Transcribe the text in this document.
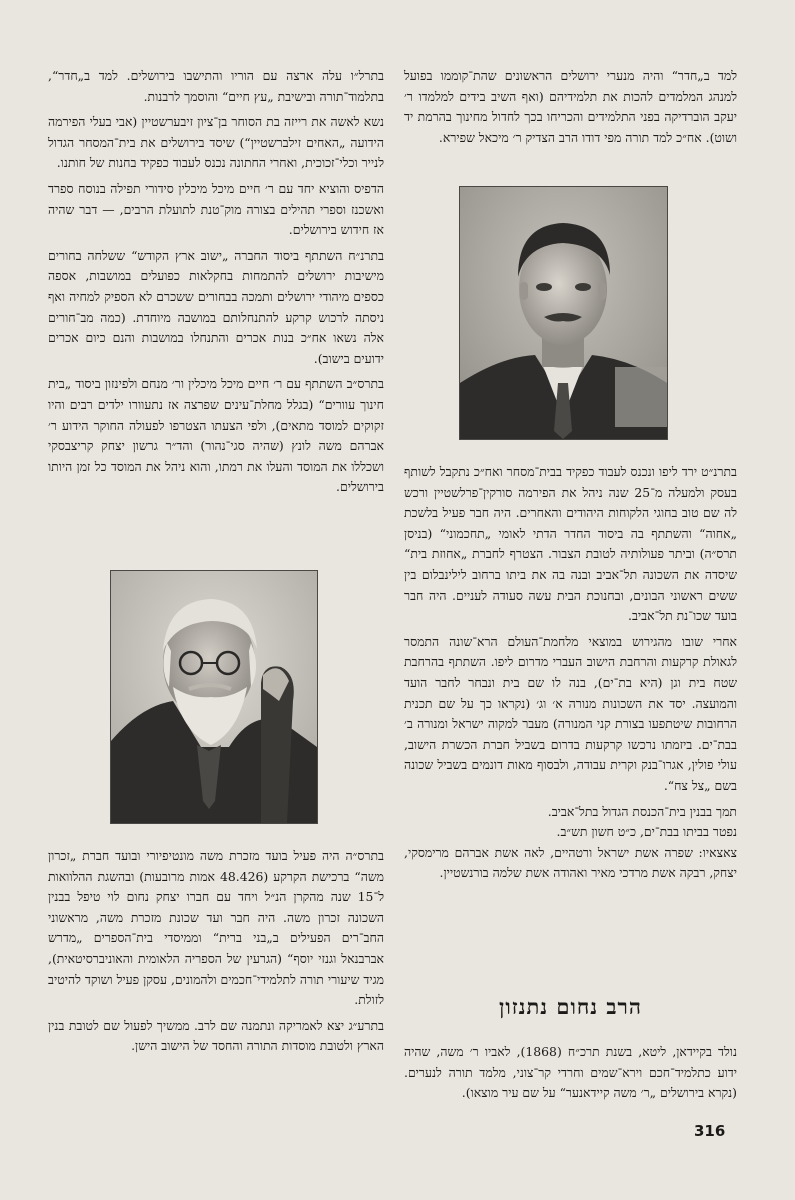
למד ב„חדר“ והיה מנערי ירושלים הראשונים שהת־קוממו בפועל למנהג המלמדים להכות את תלמידיהם (ואף השיב בידים למלמדו ר׳ יעקב הוברדיקה בפני התלמידים והכריחו בכך לחדול מחינוך בהרמת יד ושוט). אח״כ למד תורה מפי דודו הרב הצדיק ר׳ מיכאל שפירא.

בתרנ״ט ירד ליפו ונכנס לעבוד כפקיד בבית־מסחר ואח״כ נתקבל לשותף בעסק ולמעלה מ־25 שנה ניהל את הפירמה סורקין־פרלשטיין ורכש לה שם טוב בחוגי הלקוחות היהודים והאחרים. היה חבר פעיל בלשכת „אחוה“ והשתתף בה ביסוד החדר הדתי לאומי „תחכמוני“ (בניסן תרס״ה) וביתר פעולותיה לטובת הצבור. הצטרף לחברת „אחוזת בית“ שיסדה את השכונה תל־אביב ובנה בה את ביתו ברחוב לילינבלום בין ששים ראשוני הבונים, ובחנוכת הבית עשה סעודה לעניים. היה חבר בועד שכו־נת תל־אביב.

אחרי שובו מהגירוש במוצאי מלחמת־העולם הרא־שונה התמסר לגאולת קרקעות והרחבת הישוב העברי מדרום ליפו. השתתף בהרחבת שטח בית וגן (היא בת־ים), בנה לו שם בית ונבחר לחבר הועד והמועצה. יסד את השכונות מנורה א׳ וג׳ (נקראו כך על שם תכנית הרחובות שיטתפעו בצורת קני המנורה) מעבר למקוה ישראל ומנורה ב׳ בבת־ים. ביזמתו נרכשו קרקעות בדרום בשביל חברת הכשרת הישוב, עולי פולין, אגרו־בנק וקרית עבודה, ולבסוף מאות דונמים בשביל שכונה בשם „צל צח“.

תמך בבנין בית־הכנסת הגדול בתל־אביב.

נפטר בביתו בבת־ים, כ״ט חשון תש״ב.

צאצאיו: שפרה אשת ישראל ורטהיים, לאה אשת אברהם מרימסקי, יצחק, רבקה אשת מרדכי מאיר ואהודה אשת שלמה בורנשטיין.

הרב נחום נתנזון

נולד בקיידאן, ליטא, בשנת תרכ״ח (1868), לאביו ר׳ משה, שהיה ידוע כתלמיד־חכם וירא־שמים וחרדי קר־צוני, מלמד תורה לנערים. (נקרא בירושלים „ר׳ משה קיידאנער“ על שם עיר מוצאו).

בתרל״ו עלה ארצה עם הוריו והתישבו בירושלים. למד ב„חדר“, בתלמוד־תורה ובישיבת „עץ חיים“ והוסמך לרבנות.

נשא לאשה את רייזה בת הסוחר בן־ציון זיבערשטיין (אבי בעלי הפירמה הידועה „האחים זילברשטיין“) שיסד בירושלים את בית־המסחר הגדול לנייר וכלי־זכוכית, ואחרי החתונה נכנס לעבוד כפקיד בחנות של חותנו.

הדפיס והוציא יחד עם ר׳ חיים מיכל מיכלין סידורי תפילה בנוסח ספרד ואשכנז וספרי תהילים בצורה מוק־טנת לתועלת הרבים, — דבר שהיה אז חידוש בירושלים.

בתרנ״ח השתתף ביסוד החברה „ישוב ארץ הקודש“ ששלחה בחורים מישיבות ירושלים להתמחות בחקלאות כפועלים במושבות, אספה כספים מיהודי ירושלים ותמכה בבחורים ששכרם לא הספיק למחיה ואף ניסתה לרכוש קרקע להתנחלותם במושבה מיוחדת. (כמה מב־חורים אלה נשאו אח״כ בנות אכרים והתנחלו במושבות והנם כיום אכרים ידועים בישוב).

בתרס״ב השתתף עם ר׳ חיים מיכל מיכלין ור׳ מנחם ולפינזון ביסוד „בית חינוך עוורים“ (בגלל מחלת־עינים שפרצה אז נתעוורו ילדים רבים והיו זקוקים למוסד מתאים), ולפי הצעתו הצטרפו לפעולה החוקר הידוע ר׳ אברהם משה לונץ (שהיה סגי־נהור) והד״ר גרשון יצחק קריצבסקי ושכללו את המוסד והעלו את רמתו, והוא ניהל את המוסד כל זמן היותו בירושלים.

בתרס״ה היה פעיל בועד מזכרת משה מונטיפיורי ובועד חברת „זכרון משה“ ברכישת הקרקע (48.426 אמות מרובעות) ובהשגת ההלוואות ל־15 שנה מהקרן הנ״ל ויחד עם חברו יצחק נחום לוי טיפל בבנין השכונה זכרון משה. היה חבר ועד שכונת מזכרת משה, מראשוני החב־רים הפעילים ב„בני ברית“ וממיסדי בית־הספרים „מדרש אברבנאל וגנזי יוסף“ (הגרעין של הספריה הלאומית והאוניברסיטאית), מגיד שיעורי תורה לתלמידי־חכמים ולהמונים, עסקן פעיל ושוקד להיטיב לזולת.

בתרע״ג יצא לאמריקה ונתמנה שם לרב. ממשיך לפעול שם לטובת בנין הארץ ולטובת מוסדות התורה והחסד של הישוב הישן.

316
